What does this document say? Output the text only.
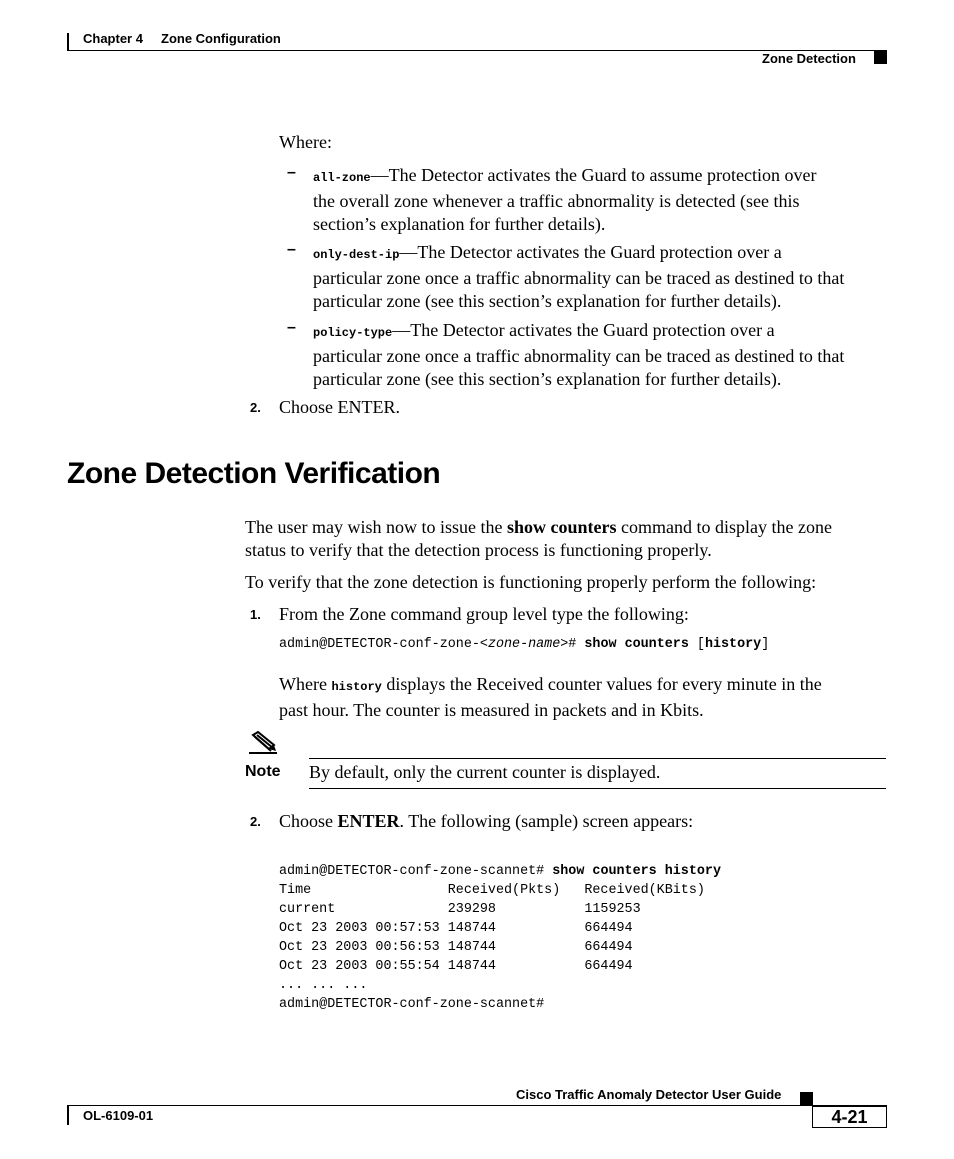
Chapter 4 Zone Configuration
Zone Detection
Where:
– all-zone—The Detector activates the Guard to assume protection over
the overall zone whenever a traffic abnormality is detected (see this
section’s explanation for further details).
– only-dest-ip—The Detector activates the Guard protection over a
particular zone once a traffic abnormality can be traced as destined to that
particular zone (see this section’s explanation for further details).
– policy-type—The Detector activates the Guard protection over a
particular zone once a traffic abnormality can be traced as destined to that
particular zone (see this section’s explanation for further details).
2. Choose ENTER.
Zone Detection Verification
The user may wish now to issue the show counters command to display the zone
status to verify that the detection process is functioning properly.
To verify that the zone detection is functioning properly perform the following:
1. From the Zone command group level type the following:
admin@DETECTOR-conf-zone-<zone-name># show counters [history]
Where history displays the Received counter values for every minute in the
past hour. The counter is measured in packets and in Kbits.
Note By default, only the current counter is displayed.
2. Choose ENTER. The following (sample) screen appears:

admin@DETECTOR-conf-zone-scannet# show counters history
Time                 Received(Pkts)   Received(KBits)
current              239298           1159253
Oct 23 2003 00:57:53 148744           664494
Oct 23 2003 00:56:53 148744           664494
Oct 23 2003 00:55:54 148744           664494
... ... ...
admin@DETECTOR-conf-zone-scannet#

Cisco Traffic Anomaly Detector User Guide
OL-6109-01	4-21
